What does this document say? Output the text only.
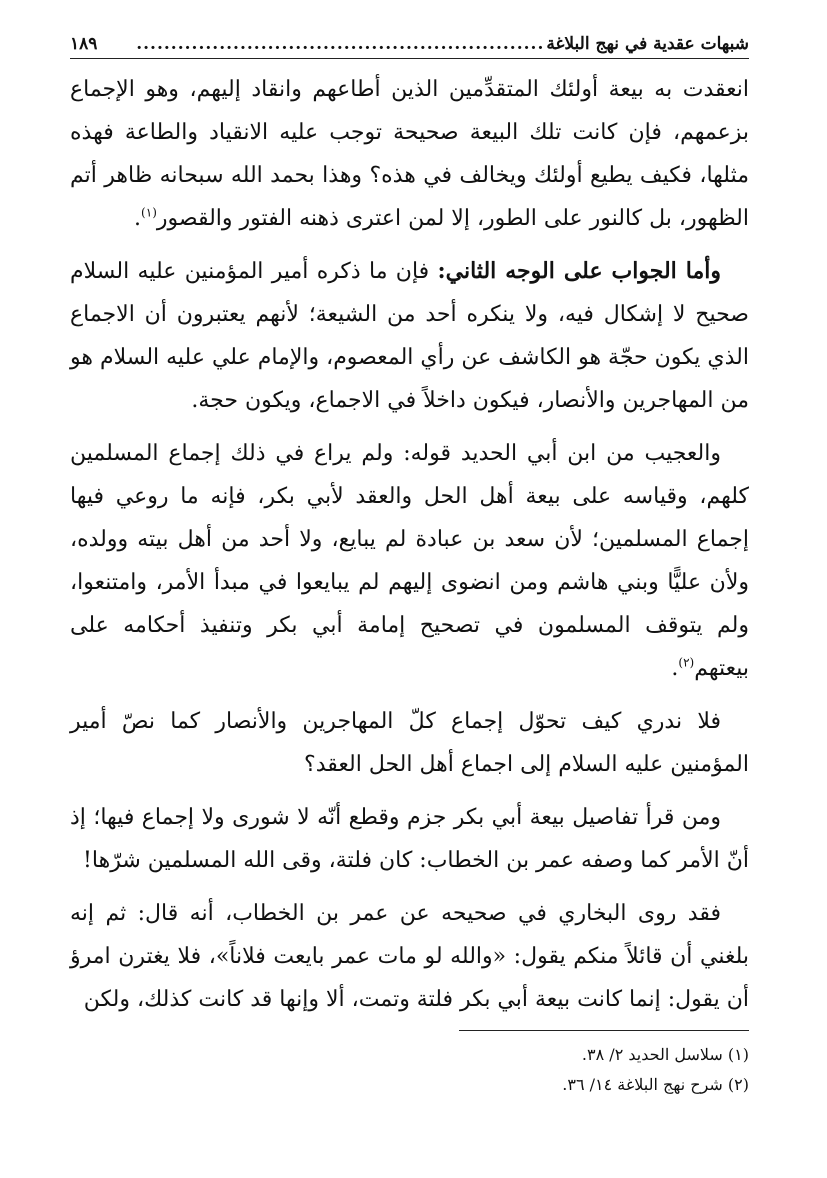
شبهات عقدية في نهج البلاغة
...........................................................
١٨٩

انعقدت به بيعة أولئك المتقدِّمين الذين أطاعهم وانقاد إليهم، وهو الإجماع بزعمهم، فإن كانت تلك البيعة صحيحة توجب عليه الانقياد والطاعة فهذه مثلها، فكيف يطيع أولئك ويخالف في هذه؟ وهذا بحمد الله سبحانه ظاهر أتم الظهور، بل كالنور على الطور، إلا لمن اعترى ذهنه الفتور والقصور$^{(١)}$.

وأما الجواب على الوجه الثاني: فإن ما ذكره أمير المؤمنين عليه السلام صحيح لا إشكال فيه، ولا ينكره أحد من الشيعة؛ لأنهم يعتبرون أن الاجماع الذي يكون حجّة هو الكاشف عن رأي المعصوم، والإمام علي عليه السلام هو من المهاجرين والأنصار، فيكون داخلاً في الاجماع، ويكون حجة.

والعجيب من ابن أبي الحديد قوله: ولم يراع في ذلك إجماع المسلمين كلهم، وقياسه على بيعة أهل الحل والعقد لأبي بكر، فإنه ما روعي فيها إجماع المسلمين؛ لأن سعد بن عبادة لم يبايع، ولا أحد من أهل بيته وولده، ولأن عليًّا وبني هاشم ومن انضوى إليهم لم يبايعوا في مبدأ الأمر، وامتنعوا، ولم يتوقف المسلمون في تصحيح إمامة أبي بكر وتنفيذ أحكامه على بيعتهم$^{(٢)}$.

فلا ندري كيف تحوّل إجماع كلّ المهاجرين والأنصار كما نصّ أمير المؤمنين عليه السلام إلى اجماع أهل الحل العقد؟

ومن قرأ تفاصيل بيعة أبي بكر جزم وقطع أنّه لا شورى ولا إجماع فيها؛ إذ أنّ الأمر كما وصفه عمر بن الخطاب: كان فلتة، وقى الله المسلمين شرّها!

فقد روى البخاري في صحيحه عن عمر بن الخطاب، أنه قال: ثم إنه بلغني أن قائلاً منكم يقول: «والله لو مات عمر بايعت فلاناً»، فلا يغترن امرؤ أن يقول: إنما كانت بيعة أبي بكر فلتة وتمت، ألا وإنها قد كانت كذلك، ولكن

(١) سلاسل الحديد ٢/ ٣٨.
(٢) شرح نهج البلاغة ١٤/ ٣٦.
